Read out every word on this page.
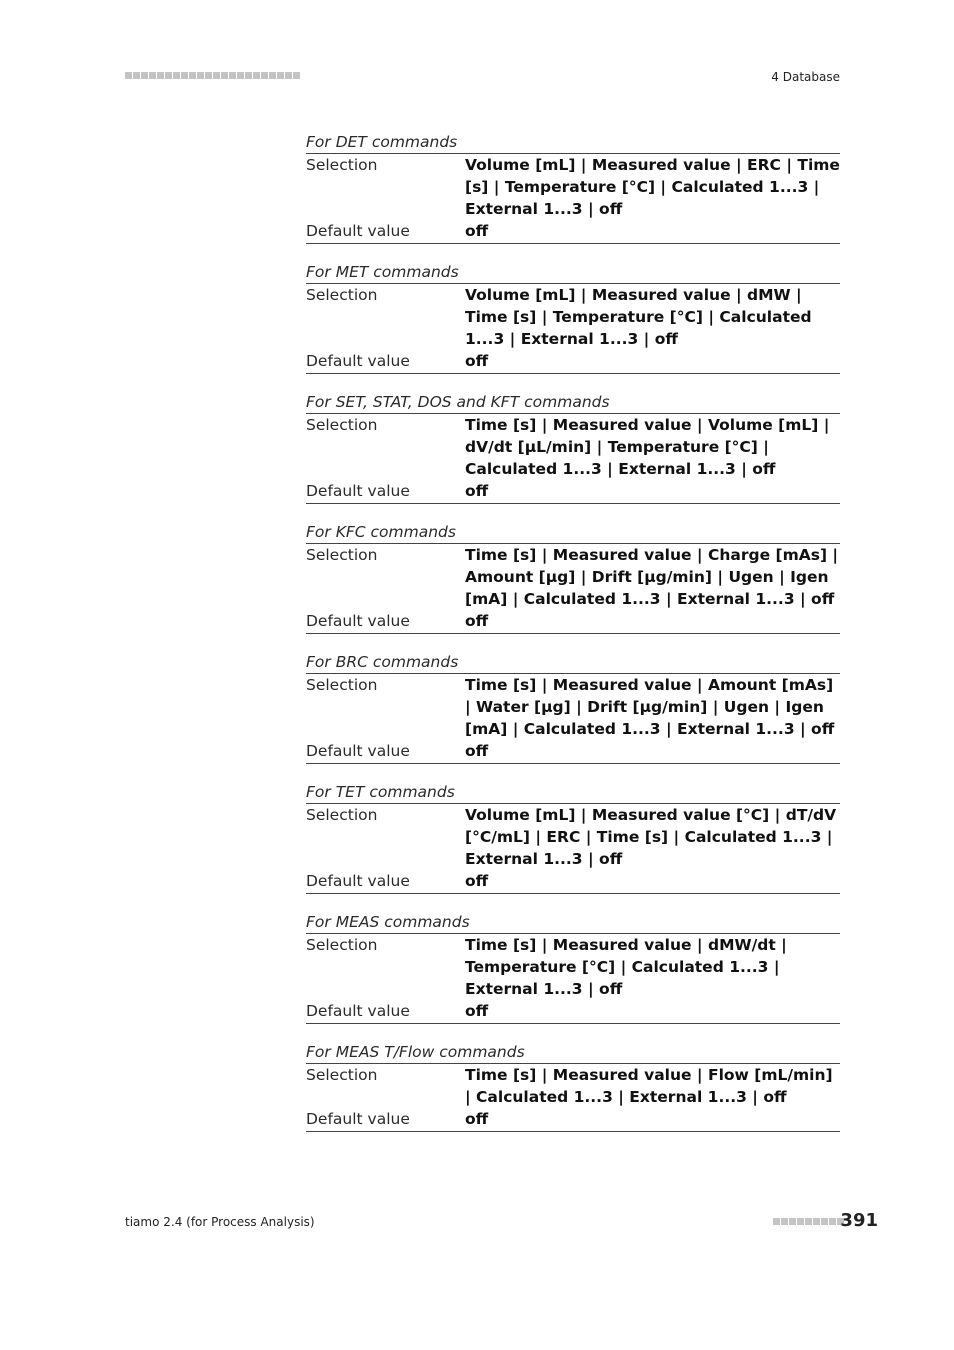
4 Database
For DET commands
Selection	Volume [mL] | Measured value | ERC | Time [s] | Temperature [°C] | Calculated 1...3 | External 1...3 | off
Default value	off
For MET commands
Selection	Volume [mL] | Measured value | dMW | Time [s] | Temperature [°C] | Calculated 1...3 | External 1...3 | off
Default value	off
For SET, STAT, DOS and KFT commands
Selection	Time [s] | Measured value | Volume [mL] | dV/dt [µL/min] | Temperature [°C] | Calculated 1...3 | External 1...3 | off
Default value	off
For KFC commands
Selection	Time [s] | Measured value | Charge [mAs] | Amount [µg] | Drift [µg/min] | Ugen | Igen [mA] | Calculated 1...3 | External 1...3 | off
Default value	off
For BRC commands
Selection	Time [s] | Measured value | Amount [mAs] | Water [µg] | Drift [µg/min] | Ugen | Igen [mA] | Calculated 1...3 | External 1...3 | off
Default value	off
For TET commands
Selection	Volume [mL] | Measured value [°C] | dT/dV [°C/mL] | ERC | Time [s] | Calculated 1...3 | External 1...3 | off
Default value	off
For MEAS commands
Selection	Time [s] | Measured value | dMW/dt | Temperature [°C] | Calculated 1...3 | External 1...3 | off
Default value	off
For MEAS T/Flow commands
Selection	Time [s] | Measured value | Flow [mL/min] | Calculated 1...3 | External 1...3 | off
Default value	off
tiamo 2.4 (for Process Analysis)	391
